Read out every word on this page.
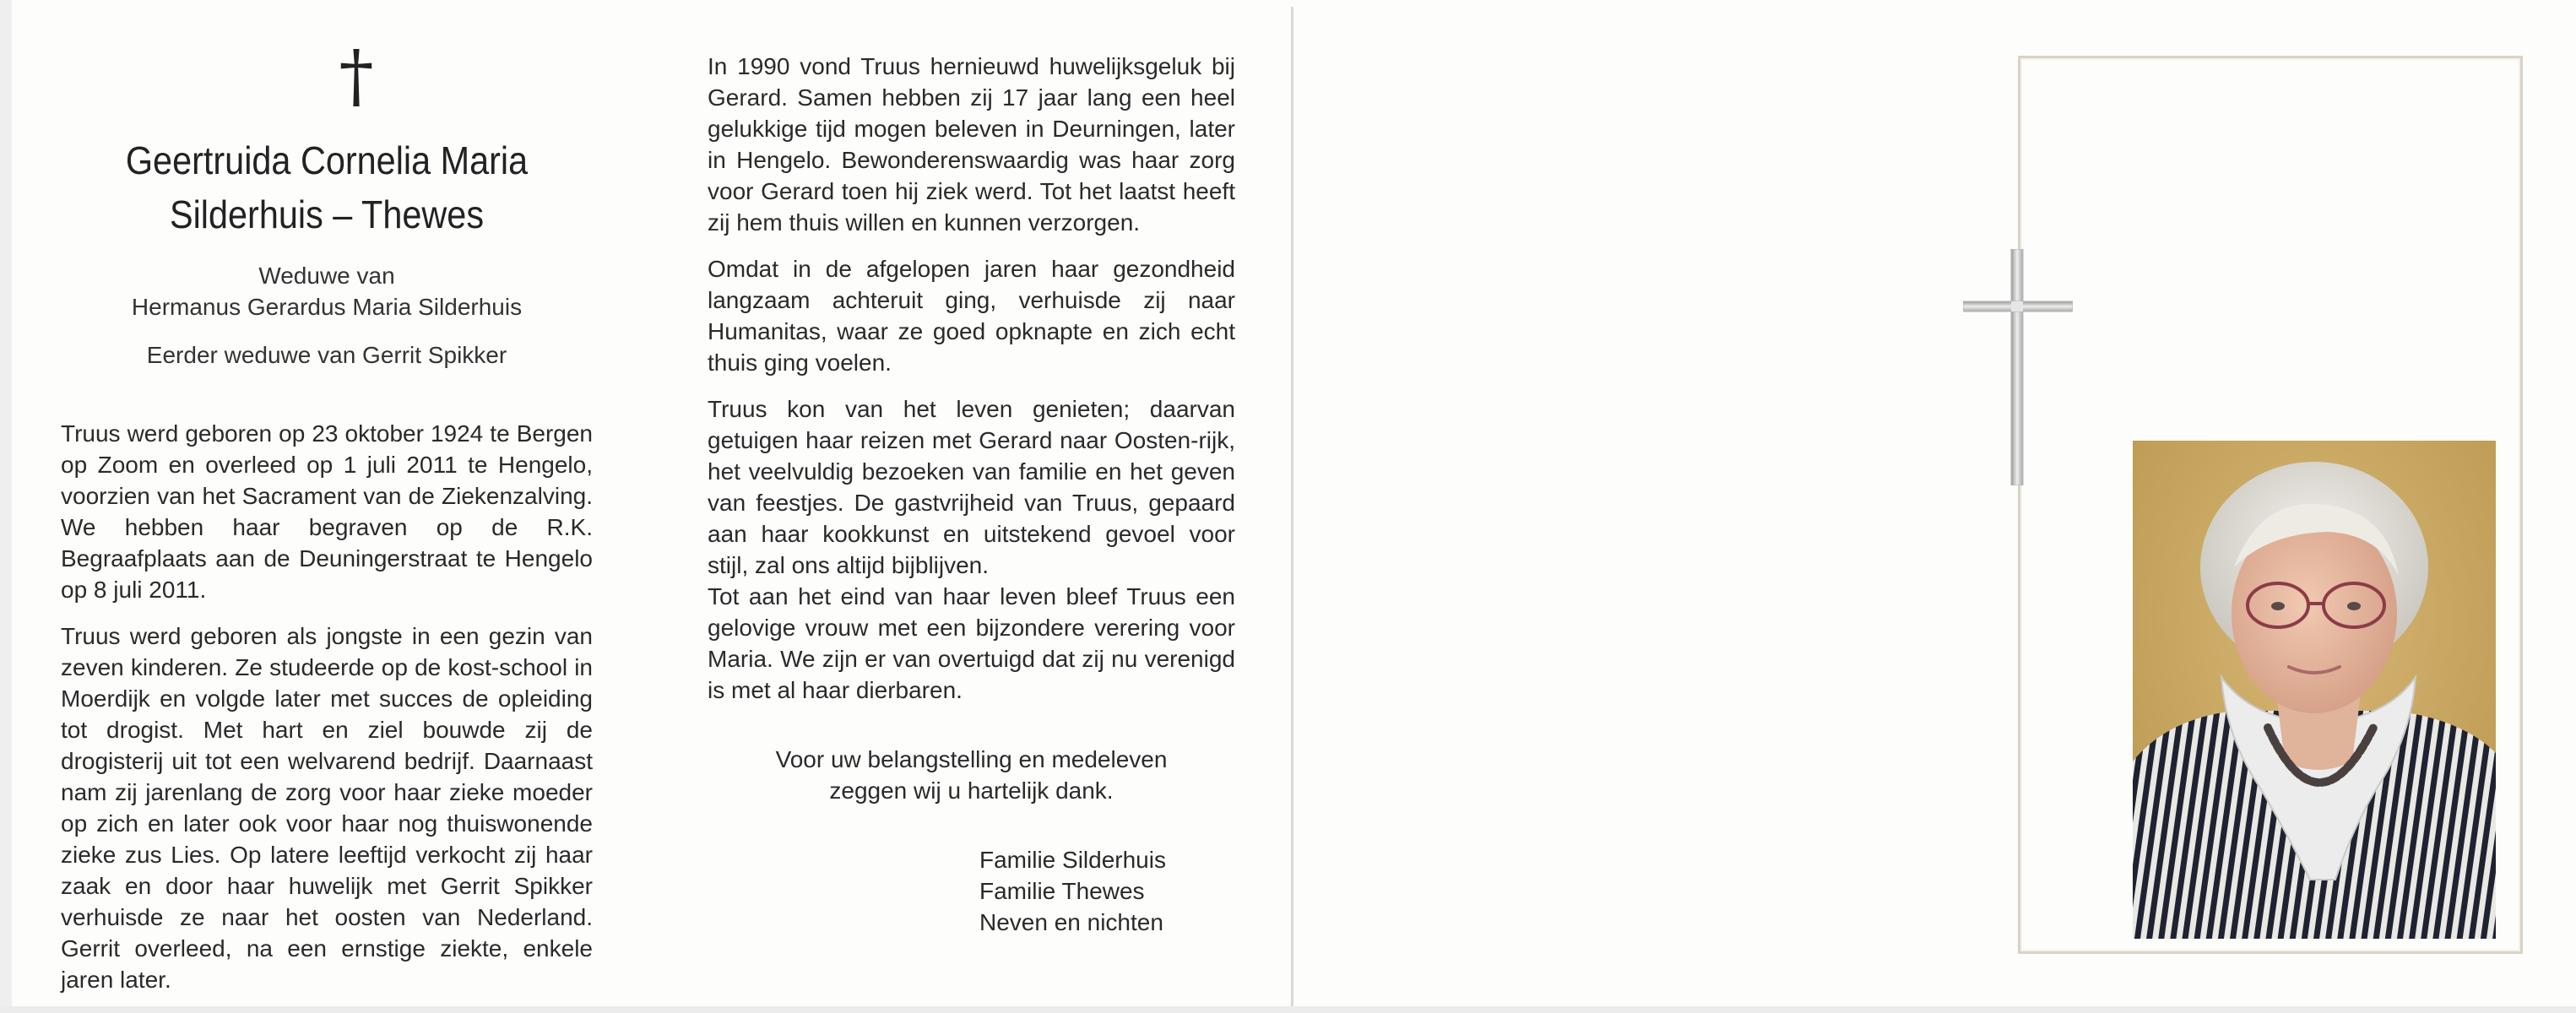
†
Geertruida Cornelia Maria
Silderhuis – Thewes
Weduwe van
Hermanus Gerardus Maria Silderhuis
Eerder weduwe van Gerrit Spikker

Truus werd geboren op 23 oktober 1924 te Bergen op Zoom en overleed op 1 juli 2011 te Hengelo, voorzien van het Sacrament van de Ziekenzalving. We hebben haar begraven op de R.K. Begraafplaats aan de Deuningerstraat te Hengelo op 8 juli 2011.

Truus werd geboren als jongste in een gezin van zeven kinderen. Ze studeerde op de kost-school in Moerdijk en volgde later met succes de opleiding tot drogist. Met hart en ziel bouwde zij de drogisterij uit tot een welvarend bedrijf. Daarnaast nam zij jarenlang de zorg voor haar zieke moeder op zich en later ook voor haar nog thuiswonende zieke zus Lies. Op latere leeftijd verkocht zij haar zaak en door haar huwelijk met Gerrit Spikker verhuisde ze naar het oosten van Nederland. Gerrit overleed, na een ernstige ziekte, enkele jaren later.

In 1990 vond Truus hernieuwd huwelijksgeluk bij Gerard. Samen hebben zij 17 jaar lang een heel gelukkige tijd mogen beleven in Deurningen, later in Hengelo. Bewonderenswaardig was haar zorg voor Gerard toen hij ziek werd. Tot het laatst heeft zij hem thuis willen en kunnen verzorgen.

Omdat in de afgelopen jaren haar gezondheid langzaam achteruit ging, verhuisde zij naar Humanitas, waar ze goed opknapte en zich echt thuis ging voelen.

Truus kon van het leven genieten; daarvan getuigen haar reizen met Gerard naar Oosten-rijk, het veelvuldig bezoeken van familie en het geven van feestjes. De gastvrijheid van Truus, gepaard aan haar kookkunst en uitstekend gevoel voor stijl, zal ons altijd bijblijven.

Tot aan het eind van haar leven bleef Truus een gelovige vrouw met een bijzondere verering voor Maria. We zijn er van overtuigd dat zij nu verenigd is met al haar dierbaren.

Voor uw belangstelling en medeleven
zeggen wij u hartelijk dank.
Familie Silderhuis
Familie Thewes
Neven en nichten
